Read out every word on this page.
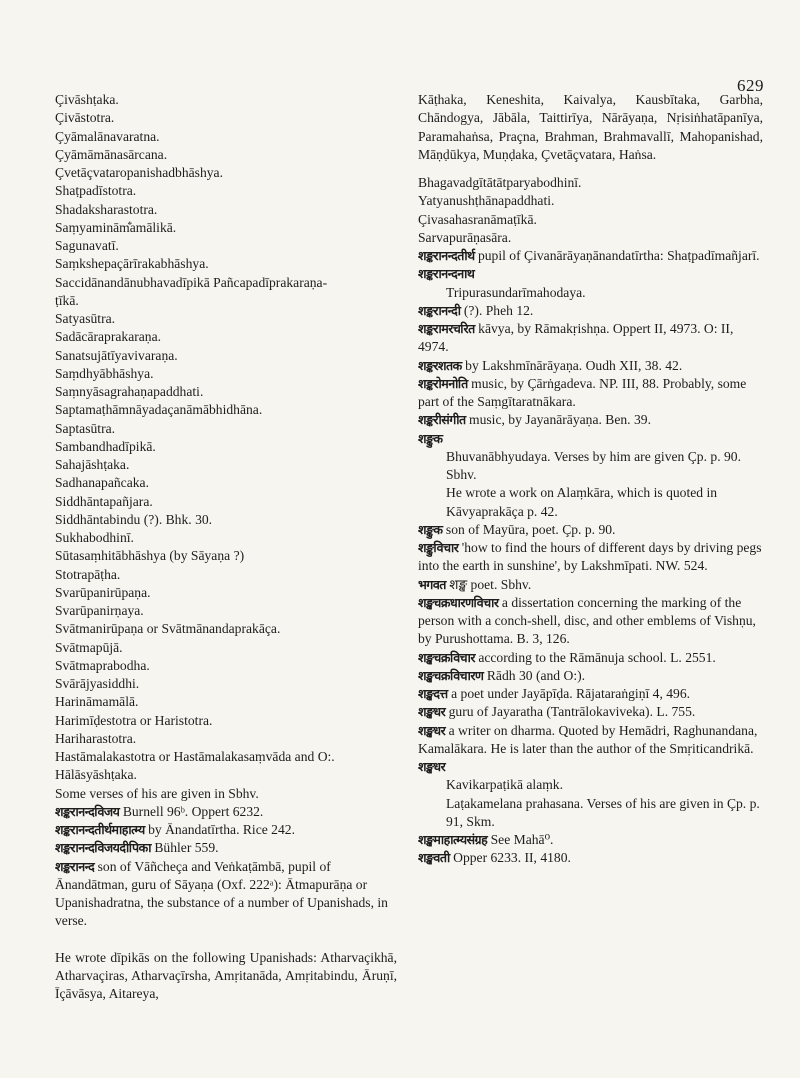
629
Çivāshṭaka.
Çivāstotra.
Çyāmalānavaratna.
Çyāmāmānasārcana.
Çvetāçvataropanishadbhāshya.
Shaṭpadīstotra.
Shadaksharastotra.
Saṃyaminām̐amālikā.
Sagunavatī.
Saṃkshepaçārīrakabhāshya.
Saccidānandānubhavadīpikā Pañcapadīprakaraṇa-
ṭīkā.
Satyasūtra.
Sadācāraprakaraṇa.
Sanatsujātīyavivaraṇa.
Saṃdhyābhāshya.
Saṃnyāsagrahaṇapaddhati.
Saptamaṭhāmnāyadaçanāmābhidhāna.
Saptasūtra.
Sambandhadīpikā.
Sahajāshṭaka.
Sadhanapañcaka.
Siddhāntapañjara.
Siddhāntabindu (?). Bhk. 30.
Sukhabodhinī.
Sūtasaṃhitābhāshya (by Sāyaṇa ?)
Stotrapāṭha.
Svarūpanirūpaṇa.
Svarūpanirṇaya.
Svātmanirūpaṇa or Svātmānandaprakāça.
Svātmapūjā.
Svātmaprabodha.
Svārājyasiddhi.
Harināmamālā.
Harimīḍestotra or Haristotra.
Hariharastotra.
Hastāmalakastotra or Hastāmalakasaṃvāda and O:.
Hālāsyāshṭaka.
Some verses of his are given in Sbhv.
शङ्करानन्दविजय Burnell 96ᵇ. Oppert 6232.
शङ्करानन्दतीर्थमाहात्म्य by Ānandatīrtha. Rice 242.
शङ्करानन्दविजयदीपिका Bühler 559.
शङ्करानन्द son of Vāñcheça and Veṅkaṭāmbā, pupil of Ānandātman, guru of Sāyaṇa (Oxf. 222ᵃ): Ātmapurāṇa or Upanishadratna, the substance of a number of Upanishads, in verse.
He wrote dīpikās on the following Upanishads: Atharvaçikhā, Atharvaçiras, Atharvaçīrsha, Amṛitanāda, Amṛitabindu, Āruṇī, Īçāvāsya, Aitareya,
Kāṭhaka, Keneshita, Kaivalya, Kausbītaka, Garbha, Chāndogya, Jābāla, Taittirīya, Nārāyaṇa, Nṛisiṅhatāpanīya, Paramahaṅsa, Praçna, Brahman, Brahmavallī, Mahopanishad, Māṇḍūkya, Muṇḍaka, Çvetāçvatara, Haṅsa.
Bhagavadgītātātparyabodhinī.
Yatyanushṭhānapaddhati.
Çivasahasranāmaṭīkā.
Sarvapurāṇasāra.
शङ्करानन्दतीर्थ pupil of Çivanārāyaṇānandatīrtha: Shaṭpadīmañjarī.
शङ्करानन्दनाथ
Tripurasundarīmahodaya.
शङ्करानन्दी (?). Pheh 12.
शङ्करामरचरित kāvya, by Rāmakṛishṇa. Oppert II, 4973. O: II, 4974.
शङ्करशतक by Lakshmīnārāyaṇa. Oudh XII, 38. 42.
शङ्करोमनोति music, by Çārṅgadeva. NP. III, 88. Probably, some part of the Saṃgītaratnākara.
शङ्करीसंगीत music, by Jayanārāyaṇa. Ben. 39.
शङ्कुक
Bhuvanābhyudaya. Verses by him are given Çp. p. 90. Sbhv.
He wrote a work on Alaṃkāra, which is quoted in Kāvyaprakāça p. 42.
शङ्कुक son of Mayūra, poet. Çp. p. 90.
शङ्कुविचार 'how to find the hours of different days by driving pegs into the earth in sunshine', by Lakshmīpati. NW. 524.
भगवत शङ्ख poet. Sbhv.
शङ्खचक्रधारणविचार a dissertation concerning the marking of the person with a conch-shell, disc, and other emblems of Vishṇu, by Purushottama. B. 3, 126.
शङ्खचक्रविचार according to the Rāmānuja school. L. 2551.
शङ्खचक्रविचारण Rādh 30 (and O:).
शङ्खदत्त a poet under Jayāpīḍa. Rājataraṅgiṇī 4, 496.
शङ्खधर guru of Jayaratha (Tantrālokaviveka). L. 755.
शङ्खधर a writer on dharma. Quoted by Hemādri, Raghunandana, Kamalākara. He is later than the author of the Smṛiticandrikā.
शङ्खधर
Kavikarpaṭikā alaṃk.
Laṭakamelana prahasana. Verses of his are given in Çp. p. 91, Skm.
शङ्खमाहात्म्यसंग्रह See Mahā⁰.
शङ्खवती Opper 6233. II, 4180.
